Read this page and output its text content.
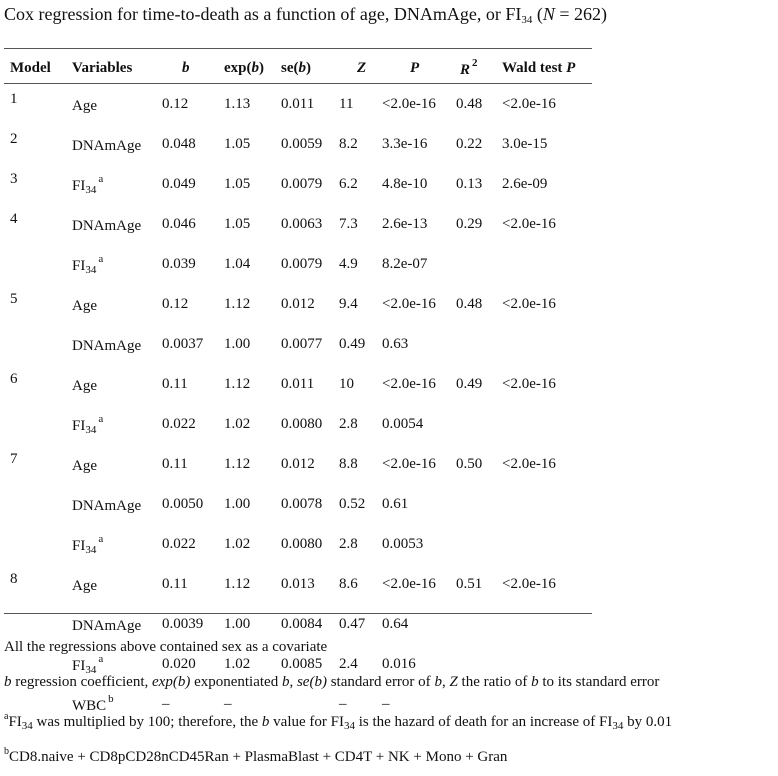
Cox regression for time-to-death as a function of age, DNAmAge, or $FI_{34}$ (N = 262)
Model	Variables	b	exp(b)	se(b)	Z	P	R $^2$	Wald test P
1	Age	0.12	1.13	0.011	11	<2.0e-16	0.48	<2.0e-16
2	DNAmAge	0.048	1.05	0.0059	8.2	3.3e-16	0.22	3.0e-15
3	$FI_{34}^a$	0.049	1.05	0.0079	6.2	4.8e-10	0.13	2.6e-09
4	DNAmAge	0.046	1.05	0.0063	7.3	2.6e-13	0.29	<2.0e-16
	$FI_{34}^a$	0.039	1.04	0.0079	4.9	8.2e-07		
5	Age	0.12	1.12	0.012	9.4	<2.0e-16	0.48	<2.0e-16
	DNAmAge	0.0037	1.00	0.0077	0.49	0.63		
6	Age	0.11	1.12	0.011	10	<2.0e-16	0.49	<2.0e-16
	$FI_{34}^a$	0.022	1.02	0.0080	2.8	0.0054		
7	Age	0.11	1.12	0.012	8.8	<2.0e-16	0.50	<2.0e-16
	DNAmAge	0.0050	1.00	0.0078	0.52	0.61		
	$FI_{34}^a$	0.022	1.02	0.0080	2.8	0.0053		
8	Age	0.11	1.12	0.013	8.6	<2.0e-16	0.51	<2.0e-16
	DNAmAge	0.0039	1.00	0.0084	0.47	0.64		
	$FI_{34}^a$	0.020	1.02	0.0085	2.4	0.016		
	WBC $^b$	–	–		–	–		
All the regressions above contained sex as a covariate
b regression coefficient, exp(b) exponentiated b, se(b) standard error of b, Z the ratio of b to its standard error
$^aFI_{34}$ was multiplied by 100; therefore, the b value for $FI_{34}$ is the hazard of death for an increase of $FI_{34}$ by 0.01
$^b$CD8.naive + CD8pCD28nCD45Ran + PlasmaBlast + CD4T + NK + Mono + Gran
